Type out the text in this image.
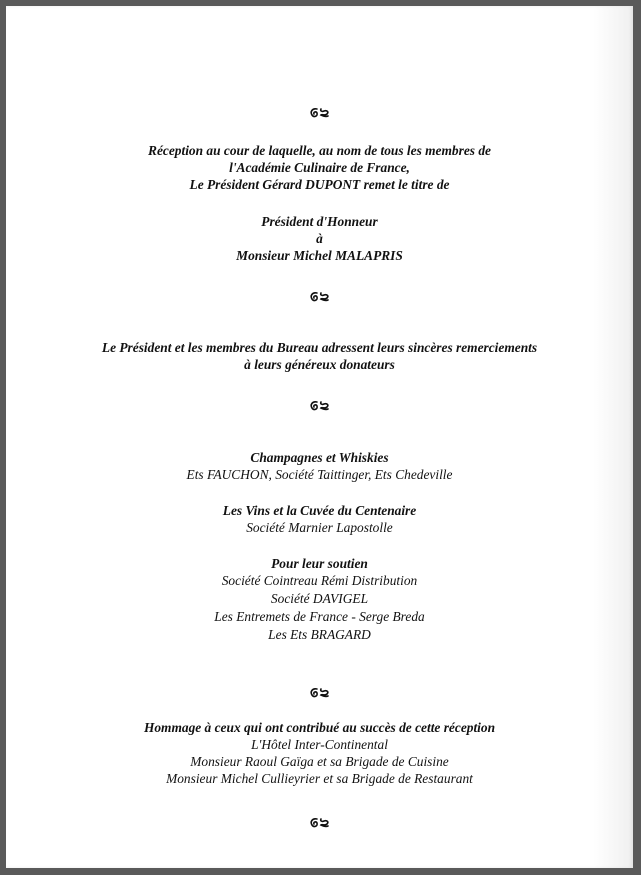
Réception au cour de laquelle, au nom de tous les membres de
l'Académie Culinaire de France,
Le Président Gérard DUPONT remet le titre de
Président d'Honneur
à
Monsieur Michel MALAPRIS
Le Président et les membres du Bureau adressent leurs sincères remerciements
à leurs généreux donateurs
Champagnes et Whiskies
Ets FAUCHON, Société Taittinger, Ets Chedeville
Les Vins et la Cuvée du Centenaire
Société Marnier Lapostolle
Pour leur soutien
Société Cointreau Rémi Distribution
Société DAVIGEL
Les Entremets de France - Serge Breda
Les Ets BRAGARD
Hommage à ceux qui ont contribué au succès de cette réception
L'Hôtel Inter-Continental
Monsieur Raoul Gaïga et sa Brigade de Cuisine
Monsieur Michel Cullieyrier et sa Brigade de Restaurant
